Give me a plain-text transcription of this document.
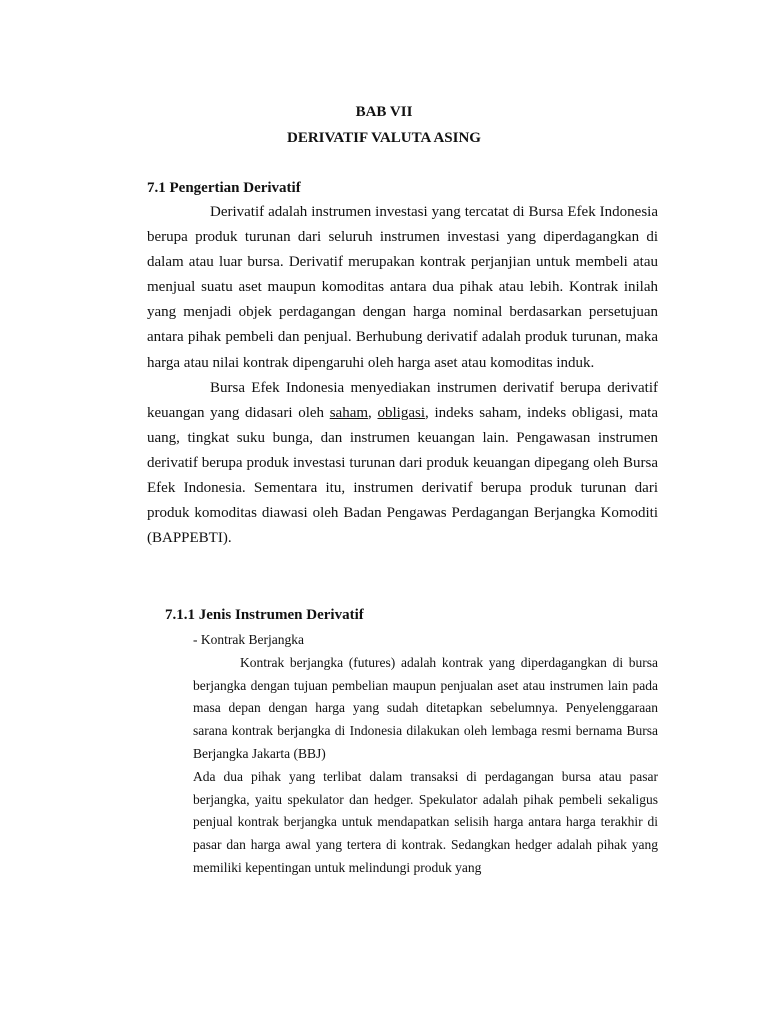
BAB VII

DERIVATIF VALUTA ASING

7.1 Pengertian Derivatif

Derivatif adalah instrumen investasi yang tercatat di Bursa Efek Indonesia berupa produk turunan dari seluruh instrumen investasi yang diperdagangkan di dalam atau luar bursa. Derivatif merupakan kontrak perjanjian untuk membeli atau menjual suatu aset maupun komoditas antara dua pihak atau lebih. Kontrak inilah yang menjadi objek perdagangan dengan harga nominal berdasarkan persetujuan antara pihak pembeli dan penjual. Berhubung derivatif adalah produk turunan, maka harga atau nilai kontrak dipengaruhi oleh harga aset atau komoditas induk.

Bursa Efek Indonesia menyediakan instrumen derivatif berupa derivatif keuangan yang didasari oleh saham, obligasi, indeks saham, indeks obligasi, mata uang, tingkat suku bunga, dan instrumen keuangan lain. Pengawasan instrumen derivatif berupa produk investasi turunan dari produk keuangan dipegang oleh Bursa Efek Indonesia. Sementara itu, instrumen derivatif berupa produk turunan dari produk komoditas diawasi oleh Badan Pengawas Perdagangan Berjangka Komoditi (BAPPEBTI).

7.1.1 Jenis Instrumen Derivatif

- Kontrak Berjangka

Kontrak berjangka (futures) adalah kontrak yang diperdagangkan di bursa berjangka dengan tujuan pembelian maupun penjualan aset atau instrumen lain pada masa depan dengan harga yang sudah ditetapkan sebelumnya. Penyelenggaraan sarana kontrak berjangka di Indonesia dilakukan oleh lembaga resmi bernama Bursa Berjangka Jakarta (BBJ)

Ada dua pihak yang terlibat dalam transaksi di perdagangan bursa atau pasar berjangka, yaitu spekulator dan hedger. Spekulator adalah pihak pembeli sekaligus penjual kontrak berjangka untuk mendapatkan selisih harga antara harga terakhir di pasar dan harga awal yang tertera di kontrak. Sedangkan hedger adalah pihak yang memiliki kepentingan untuk melindungi produk yang
